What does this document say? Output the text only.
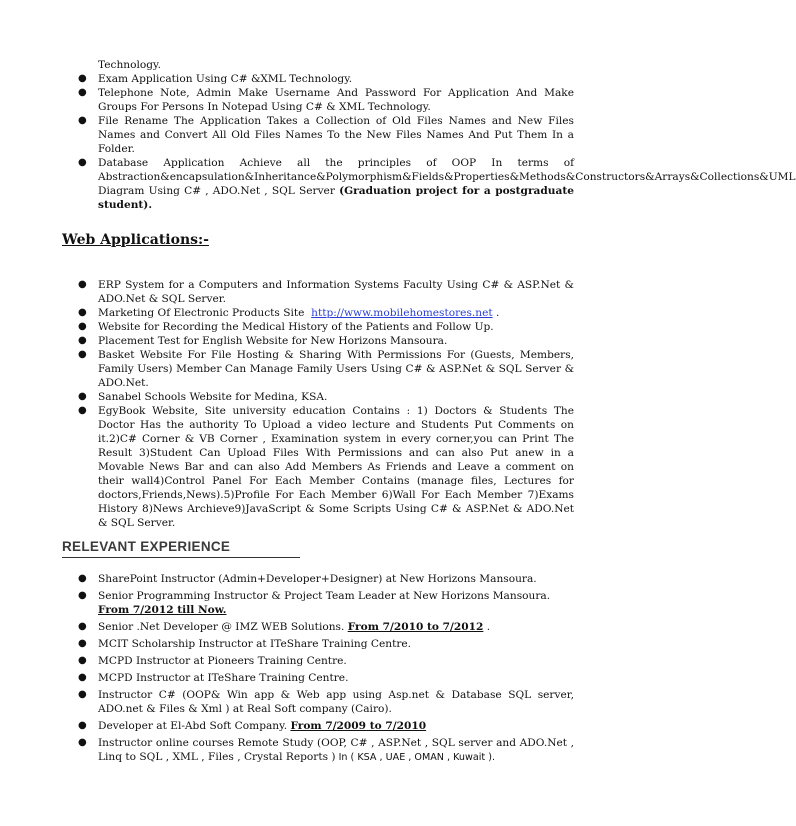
Technology.
● Exam Application Using C# &XML Technology.
● Telephone Note, Admin Make Username And Password For Application And Make Groups For Persons In Notepad Using C# & XML Technology.
● File Rename The Application Takes a Collection of Old Files Names and New Files Names and Convert All Old Files Names To the New Files Names And Put Them In a Folder.
● Database Application Achieve all the principles of OOP In terms of Abstraction&encapsulation&Inheritance&Polymorphism&Fields&Properties&Methods&Constructors&Arrays&Collections&UML Diagram Using C# , ADO.Net , SQL Server (Graduation project for a postgraduate student).
Web Applications:-
● ERP System for a Computers and Information Systems Faculty Using C# & ASP.Net & ADO.Net & SQL Server.
● Marketing Of Electronic Products Site http://www.mobilehomestores.net .
● Website for Recording the Medical History of the Patients and Follow Up.
● Placement Test for English Website for New Horizons Mansoura.
● Basket Website For File Hosting & Sharing With Permissions For (Guests, Members, Family Users) Member Can Manage Family Users Using C# & ASP.Net & SQL Server & ADO.Net.
● Sanabel Schools Website for Medina, KSA.
● EgyBook Website, Site university education Contains : 1) Doctors & Students The Doctor Has the authority To Upload a video lecture and Students Put Comments on it.2)C# Corner & VB Corner , Examination system in every corner,you can Print The Result 3)Student Can Upload Files With Permissions and can also Put anew in a Movable News Bar and can also Add Members As Friends and Leave a comment on their wall4)Control Panel For Each Member Contains (manage files, Lectures for doctors,Friends,News).5)Profile For Each Member 6)Wall For Each Member 7)Exams History 8)News Archieve9)JavaScript & Some Scripts Using C# & ASP.Net & ADO.Net & SQL Server.
RELEVANT EXPERIENCE
● SharePoint Instructor (Admin+Developer+Designer) at New Horizons Mansoura.
● Senior Programming Instructor & Project Team Leader at New Horizons Mansoura.
From 7/2012 till Now.
● Senior .Net Developer @ IMZ WEB Solutions. From 7/2010 to 7/2012 .
● MCIT Scholarship Instructor at ITeShare Training Centre.
● MCPD Instructor at Pioneers Training Centre.
● MCPD Instructor at ITeShare Training Centre.
● Instructor C# (OOP& Win app & Web app using Asp.net & Database SQL server, ADO.net & Files & Xml ) at Real Soft company (Cairo).
● Developer at El-Abd Soft Company. From 7/2009 to 7/2010
● Instructor online courses Remote Study (OOP, C# , ASP.Net , SQL server and ADO.Net , Linq to SQL , XML , Files , Crystal Reports ) In ( KSA , UAE , OMAN , Kuwait ).
